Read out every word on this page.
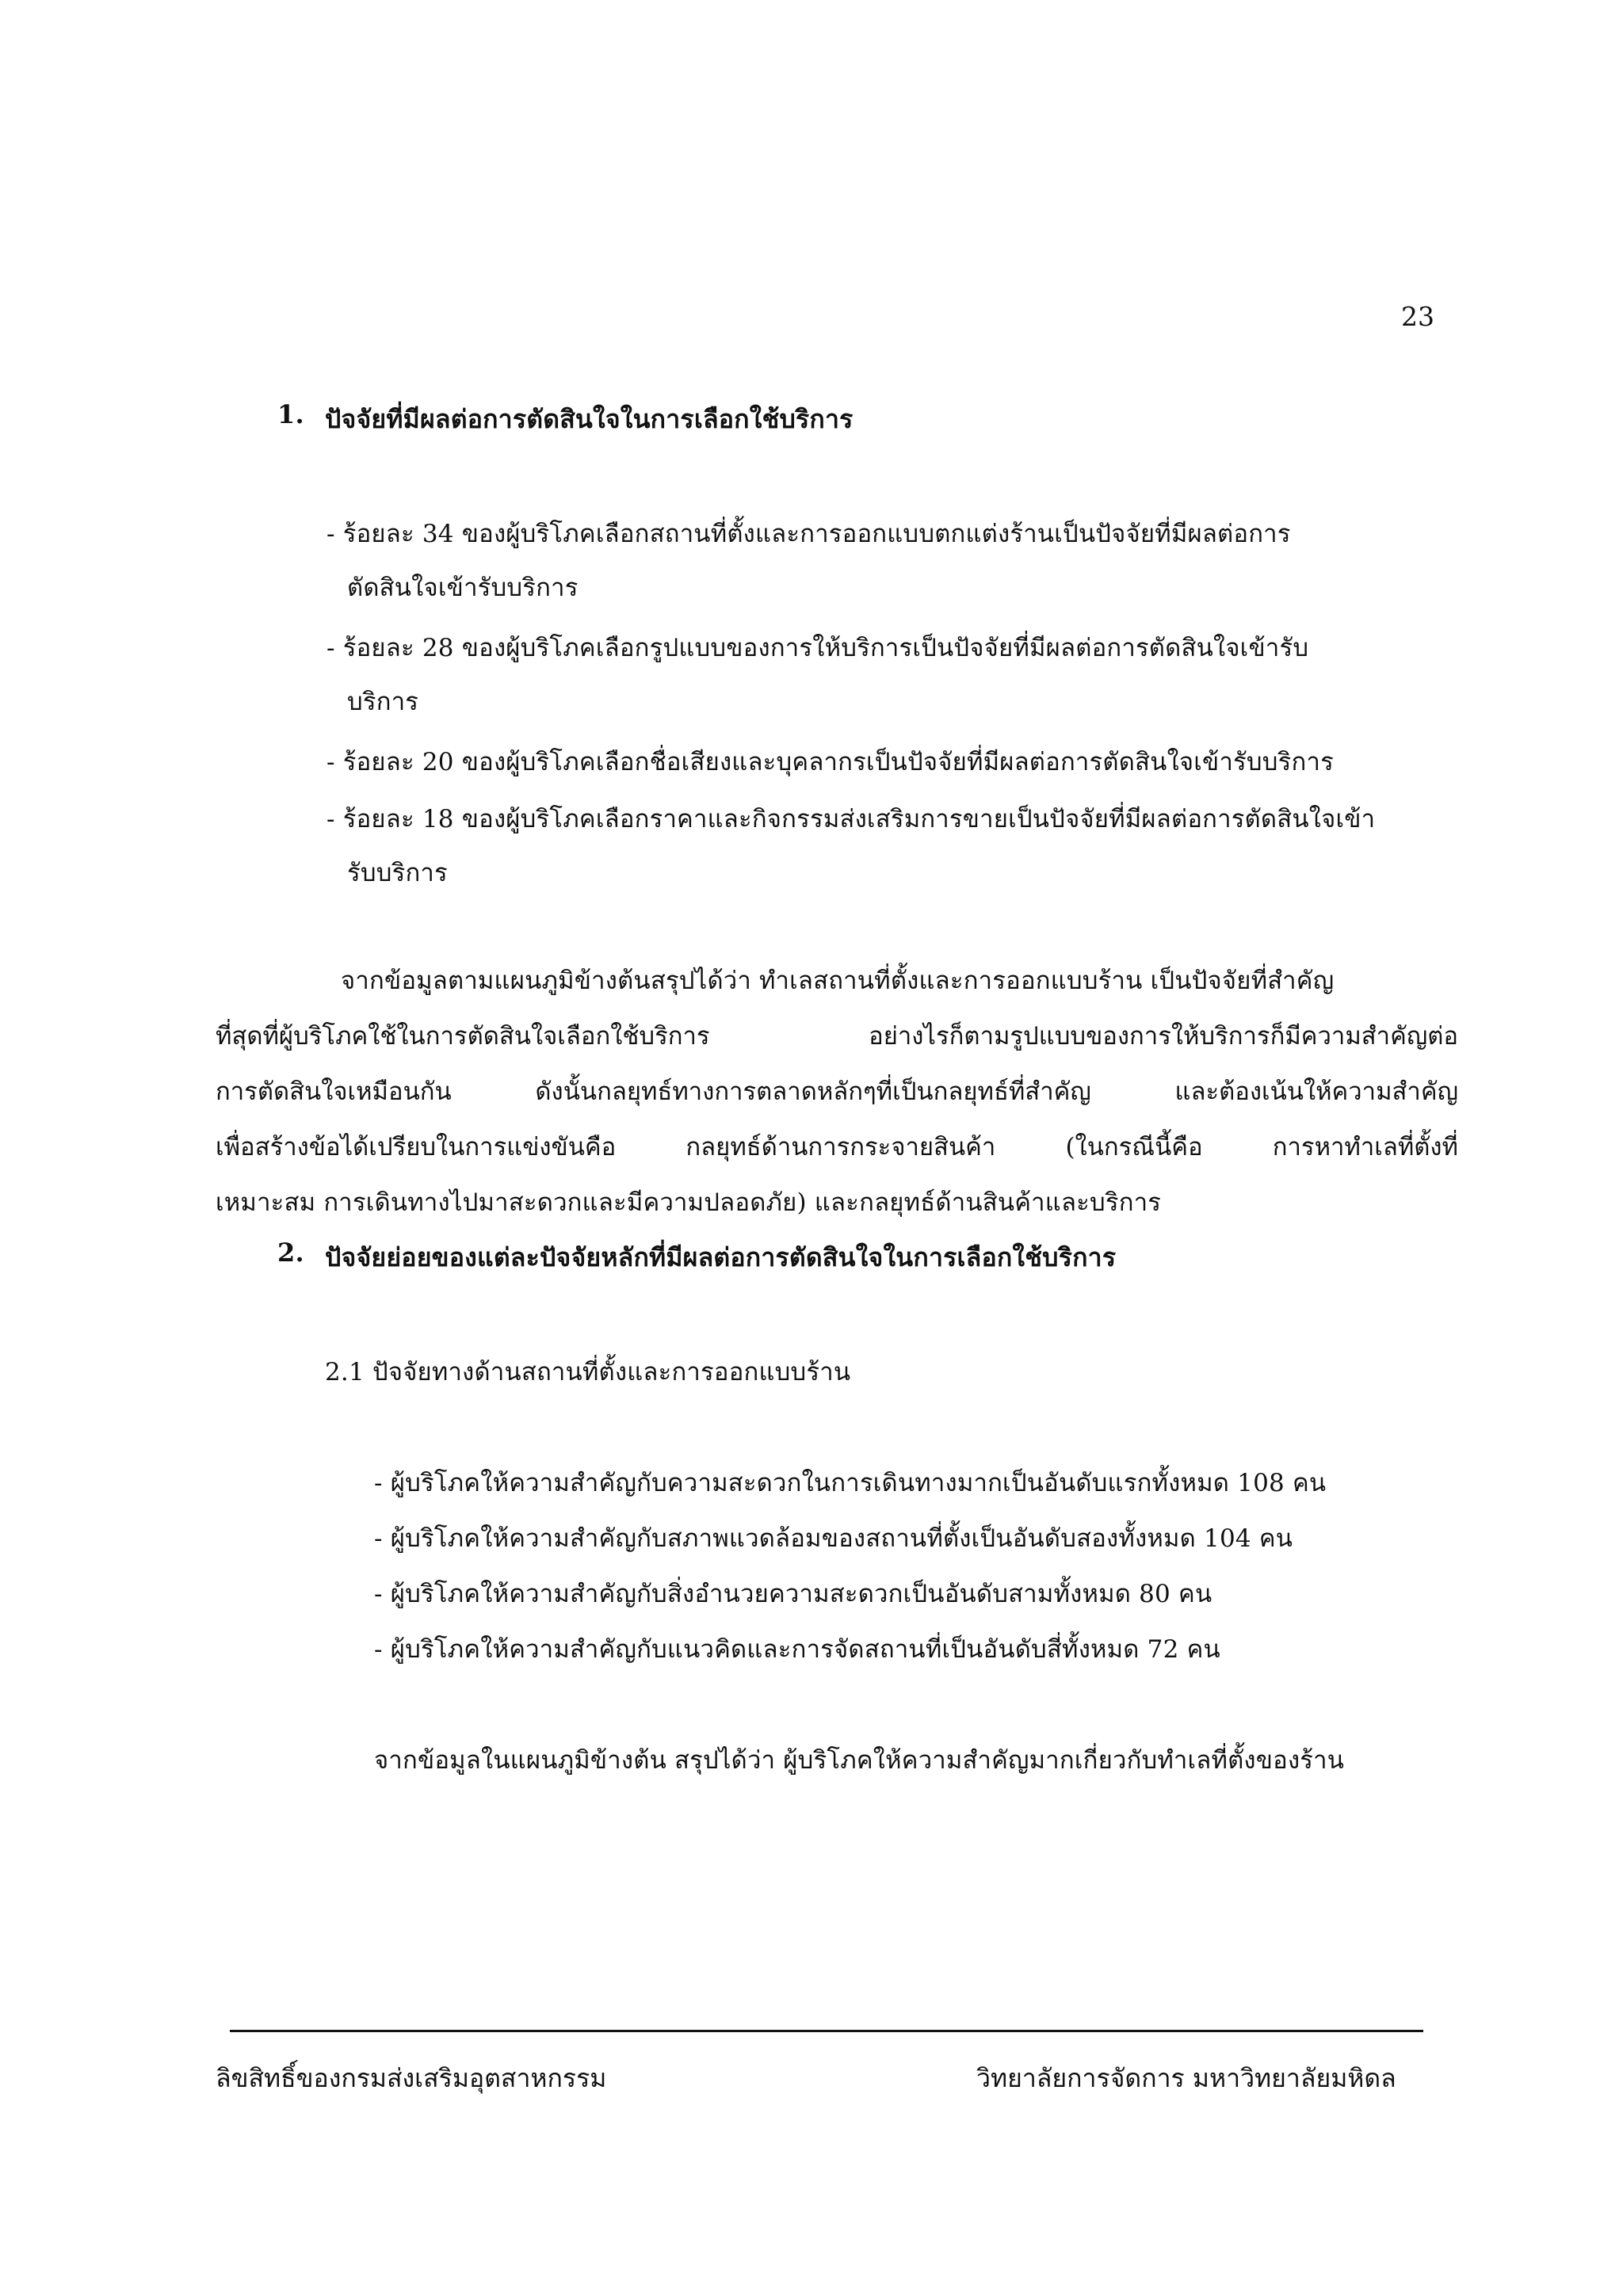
23
1. ปัจจัยที่มีผลต่อการตัดสินใจในการเลือกใช้บริการ
- ร้อยละ 34 ของผู้บริโภคเลือกสถานที่ตั้งและการออกแบบตกแต่งร้านเป็นปัจจัยที่มีผลต่อการ
ตัดสินใจเข้ารับบริการ
- ร้อยละ 28 ของผู้บริโภคเลือกรูปแบบของการให้บริการเป็นปัจจัยที่มีผลต่อการตัดสินใจเข้ารับ
บริการ
- ร้อยละ 20 ของผู้บริโภคเลือกชื่อเสียงและบุคลากรเป็นปัจจัยที่มีผลต่อการตัดสินใจเข้ารับบริการ
- ร้อยละ 18 ของผู้บริโภคเลือกราคาและกิจกรรมส่งเสริมการขายเป็นปัจจัยที่มีผลต่อการตัดสินใจเข้า
รับบริการ
จากข้อมูลตามแผนภูมิข้างต้นสรุปได้ว่า ทำเลสถานที่ตั้งและการออกแบบร้าน เป็นปัจจัยที่สำคัญ
ที่สุดที่ผู้บริโภคใช้ในการตัดสินใจเลือกใช้บริการ อย่างไรก็ตามรูปแบบของการให้บริการก็มีความสำคัญต่อ
การตัดสินใจเหมือนกัน ดังนั้นกลยุทธ์ทางการตลาดหลักๆที่เป็นกลยุทธ์ที่สำคัญ และต้องเน้นให้ความสำคัญ
เพื่อสร้างข้อได้เปรียบในการแข่งขันคือ กลยุทธ์ด้านการกระจายสินค้า (ในกรณีนี้คือ การหาทำเลที่ตั้งที่
เหมาะสม การเดินทางไปมาสะดวกและมีความปลอดภัย) และกลยุทธ์ด้านสินค้าและบริการ
2. ปัจจัยย่อยของแต่ละปัจจัยหลักที่มีผลต่อการตัดสินใจในการเลือกใช้บริการ
2.1 ปัจจัยทางด้านสถานที่ตั้งและการออกแบบร้าน
- ผู้บริโภคให้ความสำคัญกับความสะดวกในการเดินทางมากเป็นอันดับแรกทั้งหมด 108 คน
- ผู้บริโภคให้ความสำคัญกับสภาพแวดล้อมของสถานที่ตั้งเป็นอันดับสองทั้งหมด 104 คน
- ผู้บริโภคให้ความสำคัญกับสิ่งอำนวยความสะดวกเป็นอันดับสามทั้งหมด 80 คน
- ผู้บริโภคให้ความสำคัญกับแนวคิดและการจัดสถานที่เป็นอันดับสี่ทั้งหมด 72 คน
จากข้อมูลในแผนภูมิข้างต้น สรุปได้ว่า ผู้บริโภคให้ความสำคัญมากเกี่ยวกับทำเลที่ตั้งของร้าน
ลิขสิทธิ์ของกรมส่งเสริมอุตสาหกรรม	วิทยาลัยการจัดการ มหาวิทยาลัยมหิดล
